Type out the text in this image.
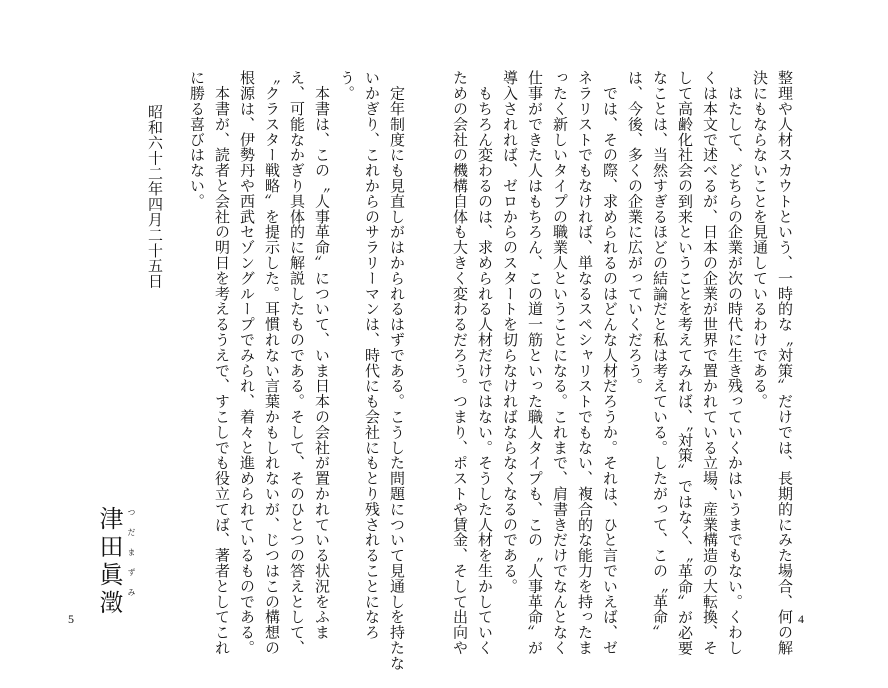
整理や人材スカウトという、一時的な〝対策〟だけでは、長期的にみた場合、何の解
決にもならないことを見通しているわけである。
　はたして、どちらの企業が次の時代に生き残っていくかはいうまでもない。くわし
くは本文で述べるが、日本の企業が世界で置かれている立場、産業構造の大転換、そ
して高齢化社会の到来ということを考えてみれば、〝対策〟ではなく、〝革命〟が必要
なことは、当然すぎるほどの結論だと私は考えている。したがって、この〝革命〟
は、今後、多くの企業に広がっていくだろう。
　では、その際、求められるのはどんな人材だろうか。それは、ひと言でいえば、ゼ
ネラリストでもなければ、単なるスペシャリストでもない、複合的な能力を持ったま
ったく新しいタイプの職業人ということになる。これまで、肩書きだけでなんとなく
仕事ができた人はもちろん、この道一筋といった職人タイプも、この〝人事革命〟が
導入されれば、ゼロからのスタートを切らなければならなくなるのである。
　もちろん変わるのは、求められる人材だけではない。そうした人材を生かしていく
ための会社の機構自体も大きく変わるだろう。つまり、ポストや賃金、そして出向や	4
　定年制度にも見直しがはかられるはずである。こうした問題について見通しを持たな
いかぎり、これからのサラリーマンは、時代にも会社にもとり残されることになろ
う。
　本書は、この〝人事革命〟について、いま日本の会社が置かれている状況をふま
え、可能なかぎり具体的に解説したものである。そして、そのひとつの答えとして、
〝クラスター戦略〟を提示した。耳慣れない言葉かもしれないが、じつはこの構想の
根源は、伊勢丹や西武セゾングループでみられ、着々と進められているものである。
　本書が、読者と会社の明日を考えるうえで、すこしでも役立てば、著者としてこれ
に勝る喜びはない。
昭和六十二年四月二十五日
つだまずみ
津田眞澂
5
